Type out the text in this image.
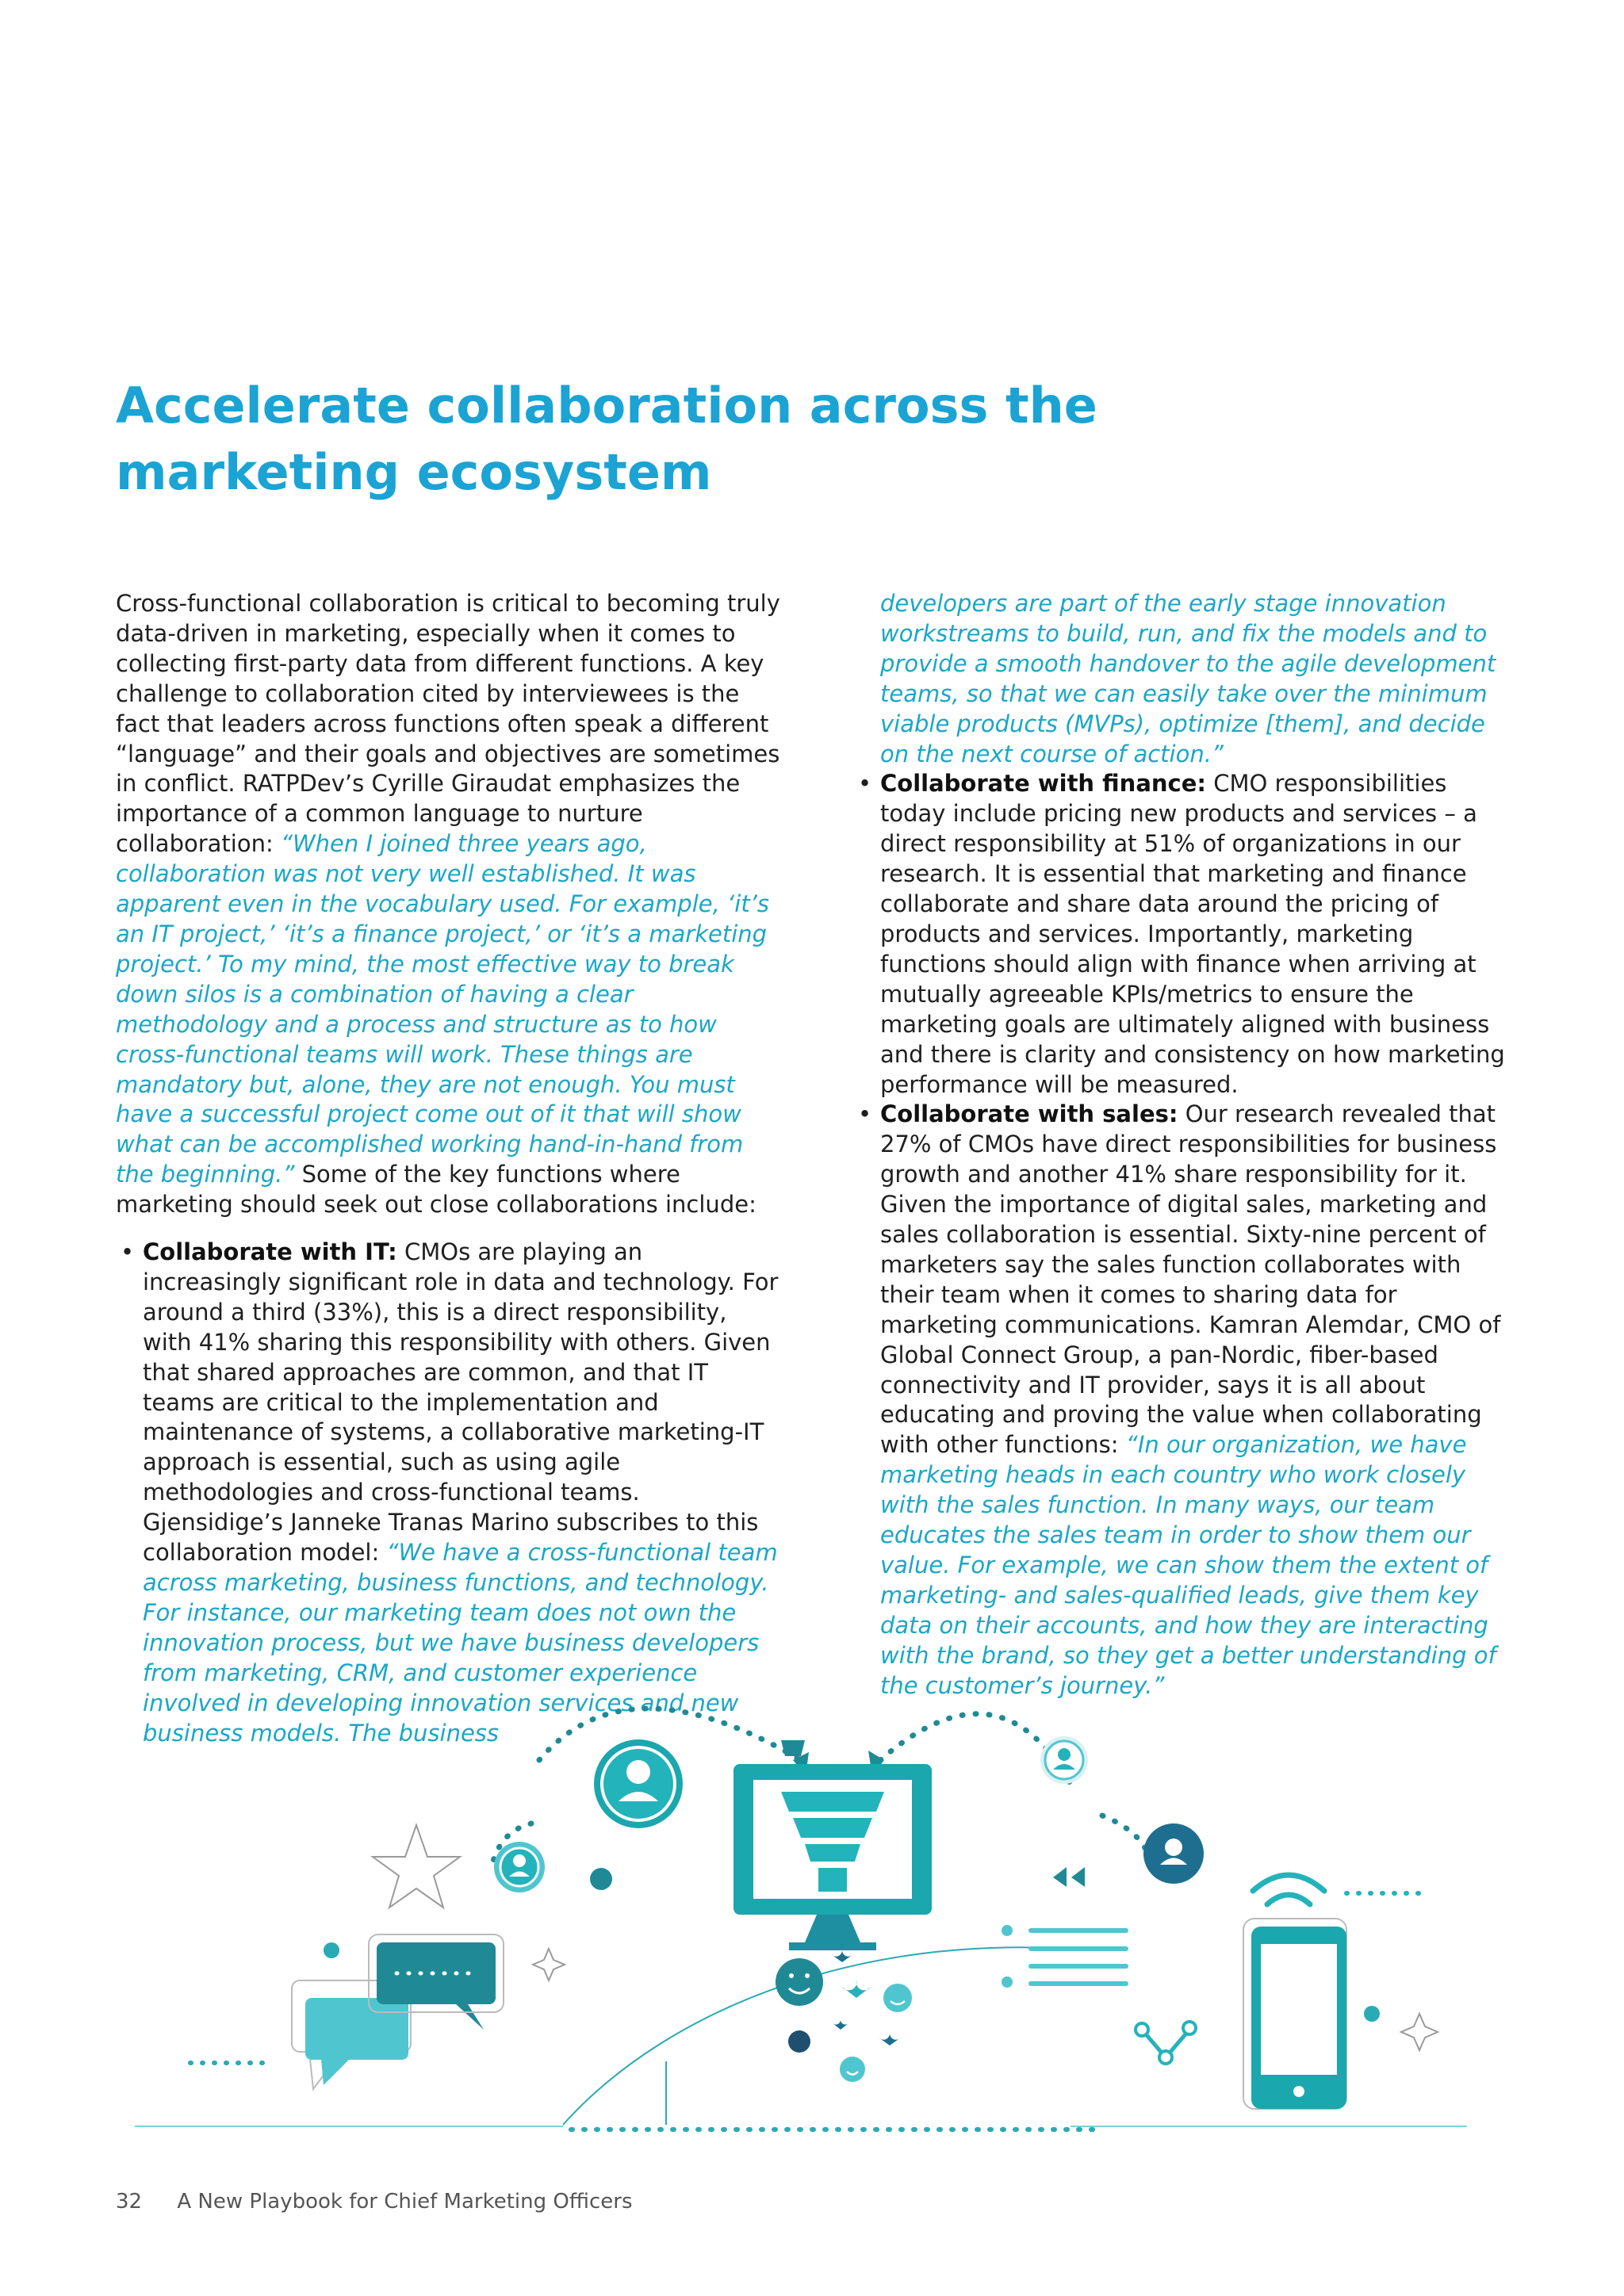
Accelerate collaboration across the marketing ecosystem

Cross-functional collaboration is critical to becoming truly data-driven in marketing, especially when it comes to collecting first-party data from different functions. A key challenge to collaboration cited by interviewees is the fact that leaders across functions often speak a different “language” and their goals and objectives are sometimes in conflict. RATPDev’s Cyrille Giraudat emphasizes the importance of a common language to nurture collaboration: “When I joined three years ago, collaboration was not very well established. It was apparent even in the vocabulary used. For example, ‘it’s an IT project,’ ‘it’s a finance project,’ or ‘it’s a marketing project.’ To my mind, the most effective way to break down silos is a combination of having a clear methodology and a process and structure as to how cross-functional teams will work. These things are mandatory but, alone, they are not enough. You must have a successful project come out of it that will show what can be accomplished working hand-in-hand from the beginning.” Some of the key functions where marketing should seek out close collaborations include:

• Collaborate with IT: CMOs are playing an increasingly significant role in data and technology. For around a third (33%), this is a direct responsibility, with 41% sharing this responsibility with others. Given that shared approaches are common, and that IT teams are critical to the implementation and maintenance of systems, a collaborative marketing-IT approach is essential, such as using agile methodologies and cross-functional teams. Gjensidige’s Janneke Tranas Marino subscribes to this collaboration model: “We have a cross-functional team across marketing, business functions, and technology. For instance, our marketing team does not own the innovation process, but we have business developers from marketing, CRM, and customer experience involved in developing innovation services and new business models. The business

developers are part of the early stage innovation workstreams to build, run, and fix the models and to provide a smooth handover to the agile development teams, so that we can easily take over the minimum viable products (MVPs), optimize [them], and decide on the next course of action.”

• Collaborate with finance: CMO responsibilities today include pricing new products and services – a direct responsibility at 51% of organizations in our research. It is essential that marketing and finance collaborate and share data around the pricing of products and services. Importantly, marketing functions should align with finance when arriving at mutually agreeable KPIs/metrics to ensure the marketing goals are ultimately aligned with business and there is clarity and consistency on how marketing performance will be measured.
• Collaborate with sales: Our research revealed that 27% of CMOs have direct responsibilities for business growth and another 41% share responsibility for it. Given the importance of digital sales, marketing and sales collaboration is essential. Sixty-nine percent of marketers say the sales function collaborates with their team when it comes to sharing data for marketing communications. Kamran Alemdar, CMO of Global Connect Group, a pan-Nordic, fiber-based connectivity and IT provider, says it is all about educating and proving the value when collaborating with other functions: “In our organization, we have marketing heads in each country who work closely with the sales function. In many ways, our team educates the sales team in order to show them our value. For example, we can show them the extent of marketing- and sales-qualified leads, give them key data on their accounts, and how they are interacting with the brand, so they get a better understanding of the customer’s journey.”
32 A New Playbook for Chief Marketing Officers
